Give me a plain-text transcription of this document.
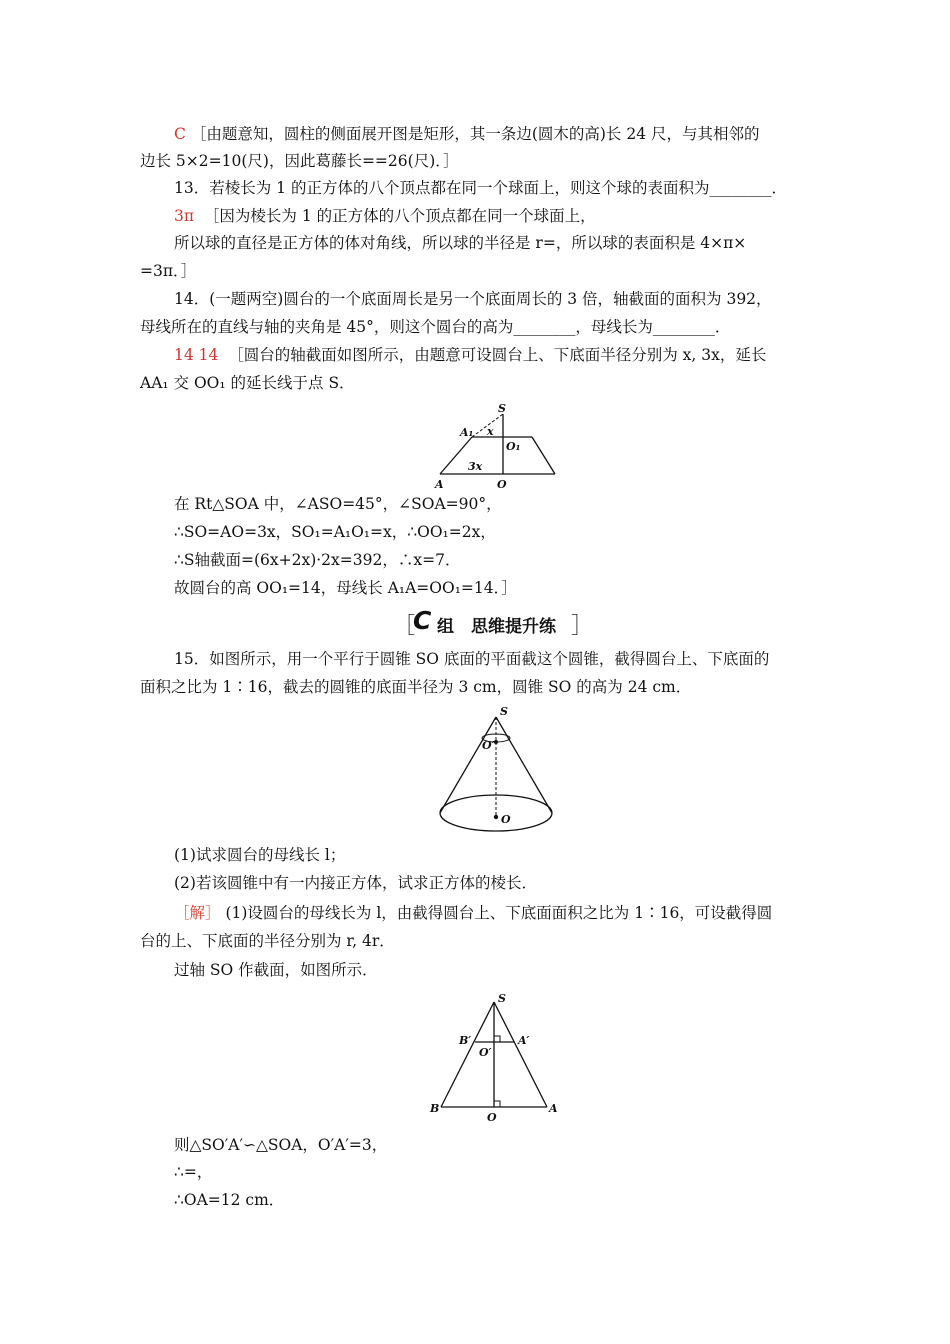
C ［由题意知，圆柱的侧面展开图是矩形，其一条边(圆木的高)长 24 尺，与其相邻的
边长 5×2=10(尺)，因此葛藤长==26(尺)．］
13．若棱长为 1 的正方体的八个顶点都在同一个球面上，则这个球的表面积为________．
3π ［因为棱长为 1 的正方体的八个顶点都在同一个球面上，
所以球的直径是正方体的体对角线，所以球的半径是 r=，所以球的表面积是 4×π×
=3π．］
14．(一题两空)圆台的一个底面周长是另一个底面周长的 3 倍，轴截面的面积为 392，
母线所在的直线与轴的夹角是 45°，则这个圆台的高为________，母线长为________．
14 14 ［圆台的轴截面如图所示，由题意可设圆台上、下底面半径分别为 x, 3x，延长
AA₁ 交 OO₁ 的延长线于点 S．
S
A₁ x
O₁
3x
A	O
在 Rt△SOA 中，∠ASO=45°，∠SOA=90°，
∴SO=AO=3x，SO₁=A₁O₁=x，∴OO₁=2x，
∴S轴截面=(6x+2x)·2x=392，∴x=7．
故圆台的高 OO₁=14，母线长 A₁A=OO₁=14．］
［
C 组　思维提升练 ］
15．如图所示，用一个平行于圆锥 SO 底面的平面截这个圆锥，截得圆台上、下底面的
面积之比为 1∶16，截去的圆锥的底面半径为 3 cm，圆锥 SO 的高为 24 cm．
S
O′
O
(1)试求圆台的母线长 l；
(2)若该圆锥中有一内接正方体，试求正方体的棱长．
［解］ (1)设圆台的母线长为 l，由截得圆台上、下底面面积之比为 1∶16，可设截得圆
台的上、下底面的半径分别为 r, 4r．
过轴 SO 作截面，如图所示．
S
B′	A′
O′
B
O
A
则△SO′A′∽△SOA，O′A′=3，
∴=，
∴OA=12 cm．
